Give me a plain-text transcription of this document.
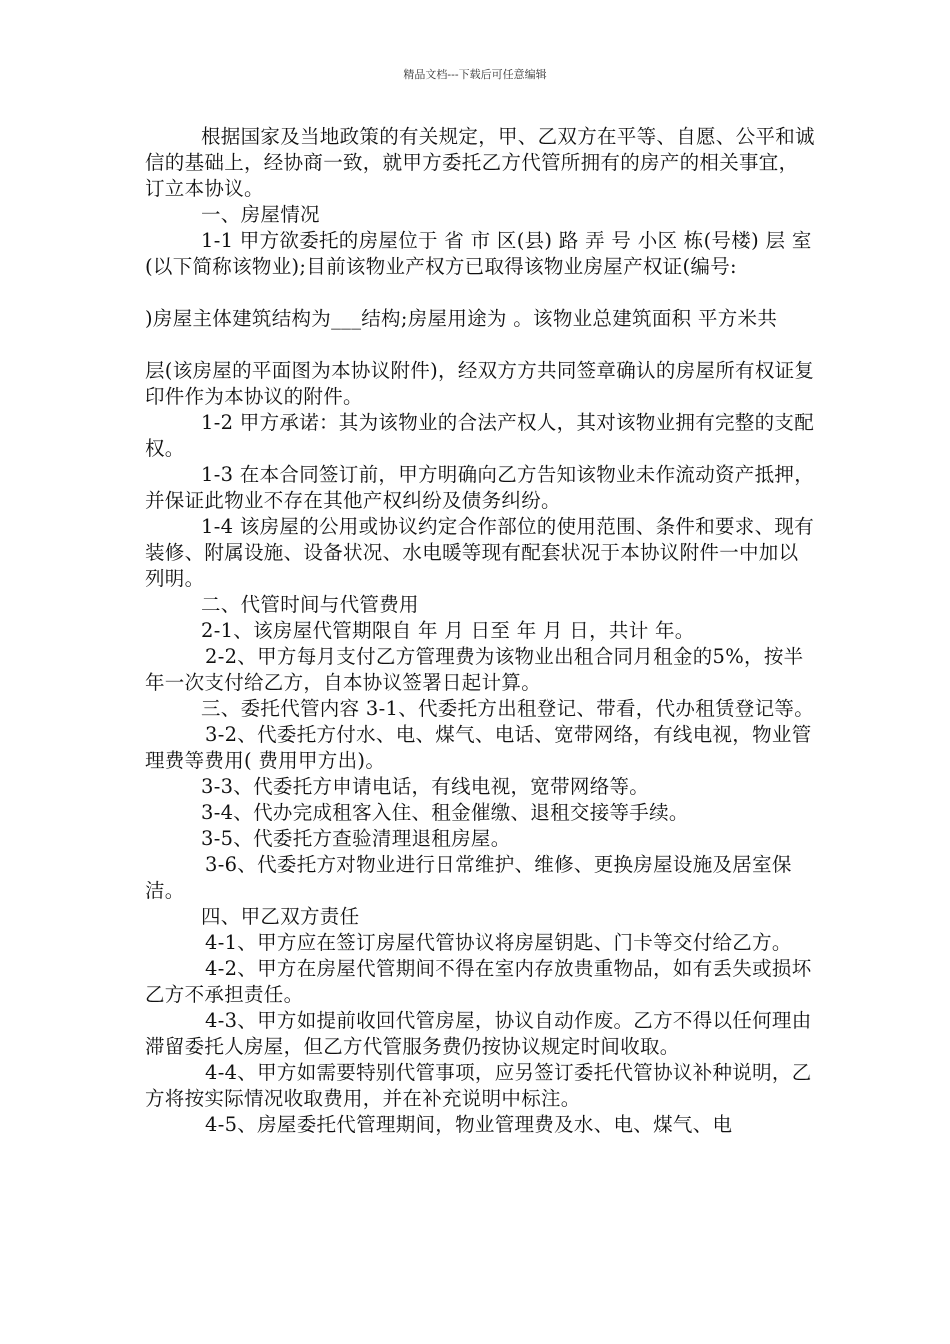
精品文档---下载后可任意编辑

根据国家及当地政策的有关规定，甲、乙双方在平等、自愿、公平和诚信的基础上，经协商一致，就甲方委托乙方代管所拥有的房产的相关事宜，订立本协议。

一、房屋情况

1-1 甲方欲委托的房屋位于 省 市 区(县) 路 弄 号 小区 栋(号楼) 层 室(以下简称该物业);目前该物业产权方已取得该物业房屋产权证(编号:

)房屋主体建筑结构为___结构;房屋用途为 。该物业总建筑面积 平方米共

层(该房屋的平面图为本协议附件)，经双方方共同签章确认的房屋所有权证复印件作为本协议的附件。

1-2 甲方承诺：其为该物业的合法产权人，其对该物业拥有完整的支配权。

1-3 在本合同签订前，甲方明确向乙方告知该物业未作流动资产抵押，并保证此物业不存在其他产权纠纷及债务纠纷。

1-4 该房屋的公用或协议约定合作部位的使用范围、条件和要求、现有装修、附属设施、设备状况、水电暖等现有配套状况于本协议附件一中加以列明。

二、代管时间与代管费用

2-1、该房屋代管期限自 年 月 日至 年 月 日，共计 年。

2-2、甲方每月支付乙方管理费为该物业出租合同月租金的5%，按半年一次支付给乙方，自本协议签署日起计算。

三、委托代管内容 3-1、代委托方出租登记、带看，代办租赁登记等。

3-2、代委托方付水、电、煤气、电话、宽带网络，有线电视，物业管理费等费用( 费用甲方出)。

3-3、代委托方申请电话，有线电视，宽带网络等。

3-4、代办完成租客入住、租金催缴、退租交接等手续。

3-5、代委托方查验清理退租房屋。

3-6、代委托方对物业进行日常维护、维修、更换房屋设施及居室保洁。

四、甲乙双方责任

4-1、甲方应在签订房屋代管协议将房屋钥匙、门卡等交付给乙方。

4-2、甲方在房屋代管期间不得在室内存放贵重物品，如有丢失或损坏乙方不承担责任。

4-3、甲方如提前收回代管房屋，协议自动作废。乙方不得以任何理由滞留委托人房屋，但乙方代管服务费仍按协议规定时间收取。

4-4、甲方如需要特别代管事项，应另签订委托代管协议补种说明，乙方将按实际情况收取费用，并在补充说明中标注。

4-5、房屋委托代管理期间，物业管理费及水、电、煤气、电
